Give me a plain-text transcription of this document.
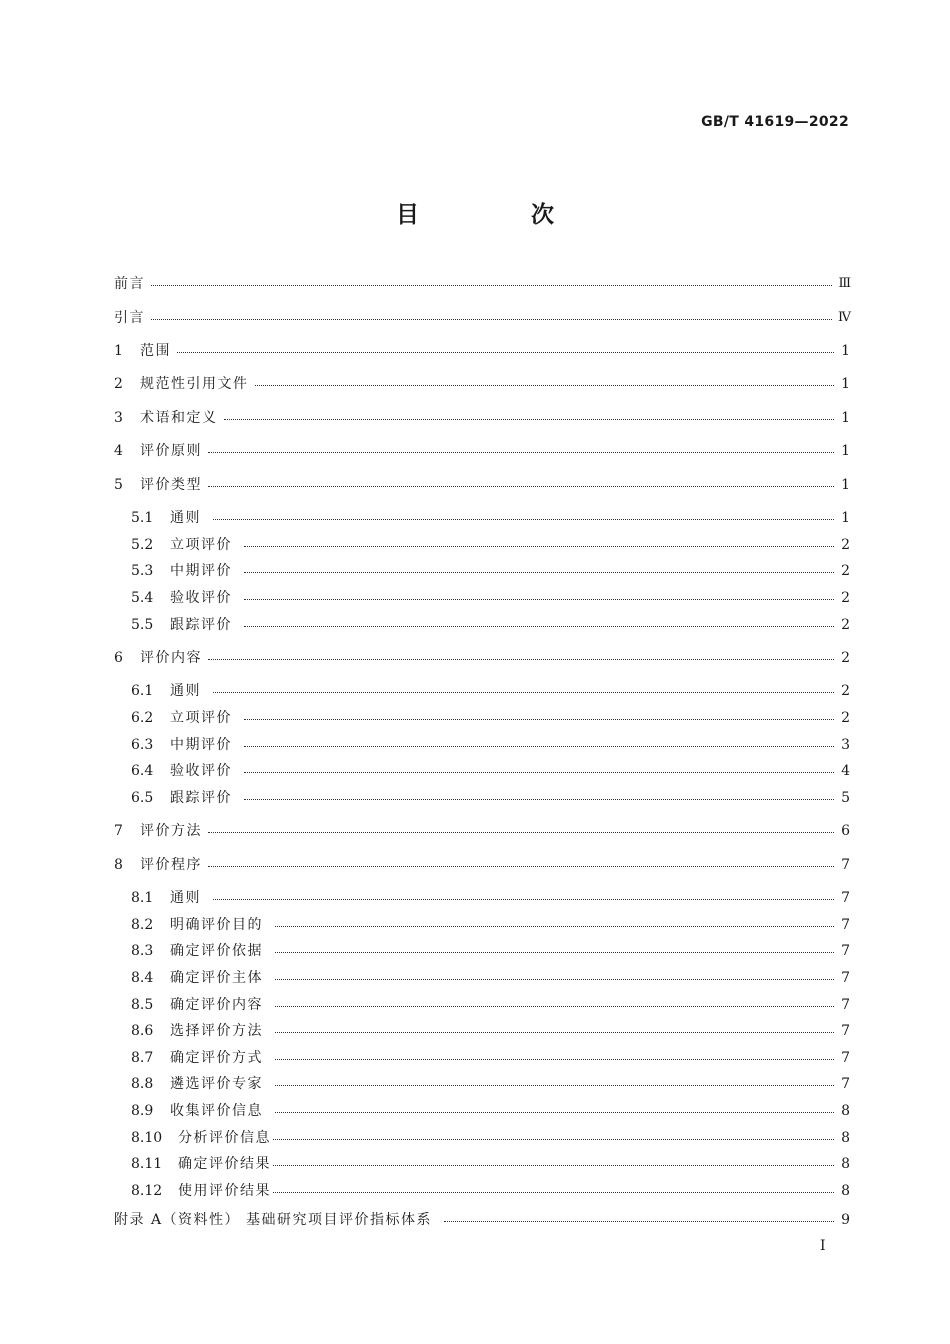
GB/T 41619—2022
目 次
前言	Ⅲ
引言	Ⅳ
1	范围	1
2	规范性引用文件	1
3	术语和定义	1
4	评价原则	1
5	评价类型	1
5.1	通则	1
5.2	立项评价	2
5.3	中期评价	2
5.4	验收评价	2
5.5	跟踪评价	2
6	评价内容	2
6.1	通则	2
6.2	立项评价	2
6.3	中期评价	3
6.4	验收评价	4
6.5	跟踪评价	5
7	评价方法	6
8	评价程序	7
8.1	通则	7
8.2	明确评价目的	7
8.3	确定评价依据	7
8.4	确定评价主体	7
8.5	确定评价内容	7
8.6	选择评价方法	7
8.7	确定评价方式	7
8.8	遴选评价专家	7
8.9	收集评价信息	8
8.10	分析评价信息	8
8.11	确定评价结果	8
8.12	使用评价结果	8
附录 A（资料性） 基础研究项目评价指标体系	9
Ⅰ
